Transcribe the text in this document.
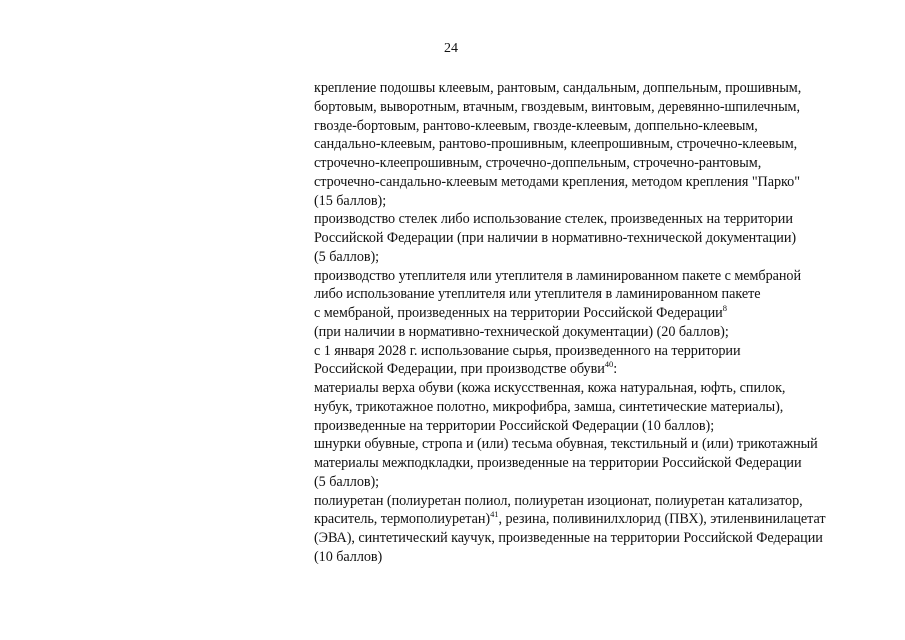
24
крепление подошвы клеевым, рантовым, сандальным, доппельным, прошивным,
бортовым, выворотным, втачным, гвоздевым, винтовым, деревянно-шпилечным,
гвоздe-бортовым, рантово-клеевым, гвоздe-клеевым, доппельно-клеевым,
сандально-клеевым, рантово-прошивным, клеепрошивным, строчечно-клеевым,
строчечно-клеепрошивным, строчечно-доппельным, строчечно-рантовым,
строчечно-сандально-клеевым методами крепления, методом крепления "Парко"
(15 баллов);
производство стелек либо использование стелек, произведенных на территории
Российской Федерации (при наличии в нормативно-технической документации)
(5 баллов);
производство утеплителя или утеплителя в ламинированном пакете с мембраной
либо использование утеплителя или утеплителя в ламинированном пакете
с мембраной, произведенных на территории Российской Федерации$^8$
(при наличии в нормативно-технической документации) (20 баллов);
с 1 января 2028 г. использование сырья, произведенного на территории
Российской Федерации, при производстве обуви$^{40}$:
материалы верха обуви (кожа искусственная, кожа натуральная, юфть, спилок,
нубук, трикотажное полотно, микрофибра, замша, синтетические материалы),
произведенные на территории Российской Федерации (10 баллов);
шнурки обувные, стропа и (или) тесьма обувная, текстильный и (или) трикотажный
материалы межподкладки, произведенные на территории Российской Федерации
(5 баллов);
полиуретан (полиуретан полиол, полиуретан изоционат, полиуретан катализатор,
краситель, термополиуретан)$^{41}$, резина, поливинилхлорид (ПВХ), этиленвинилацетат
(ЭВА), синтетический каучук, произведенные на территории Российской Федерации
(10 баллов)
